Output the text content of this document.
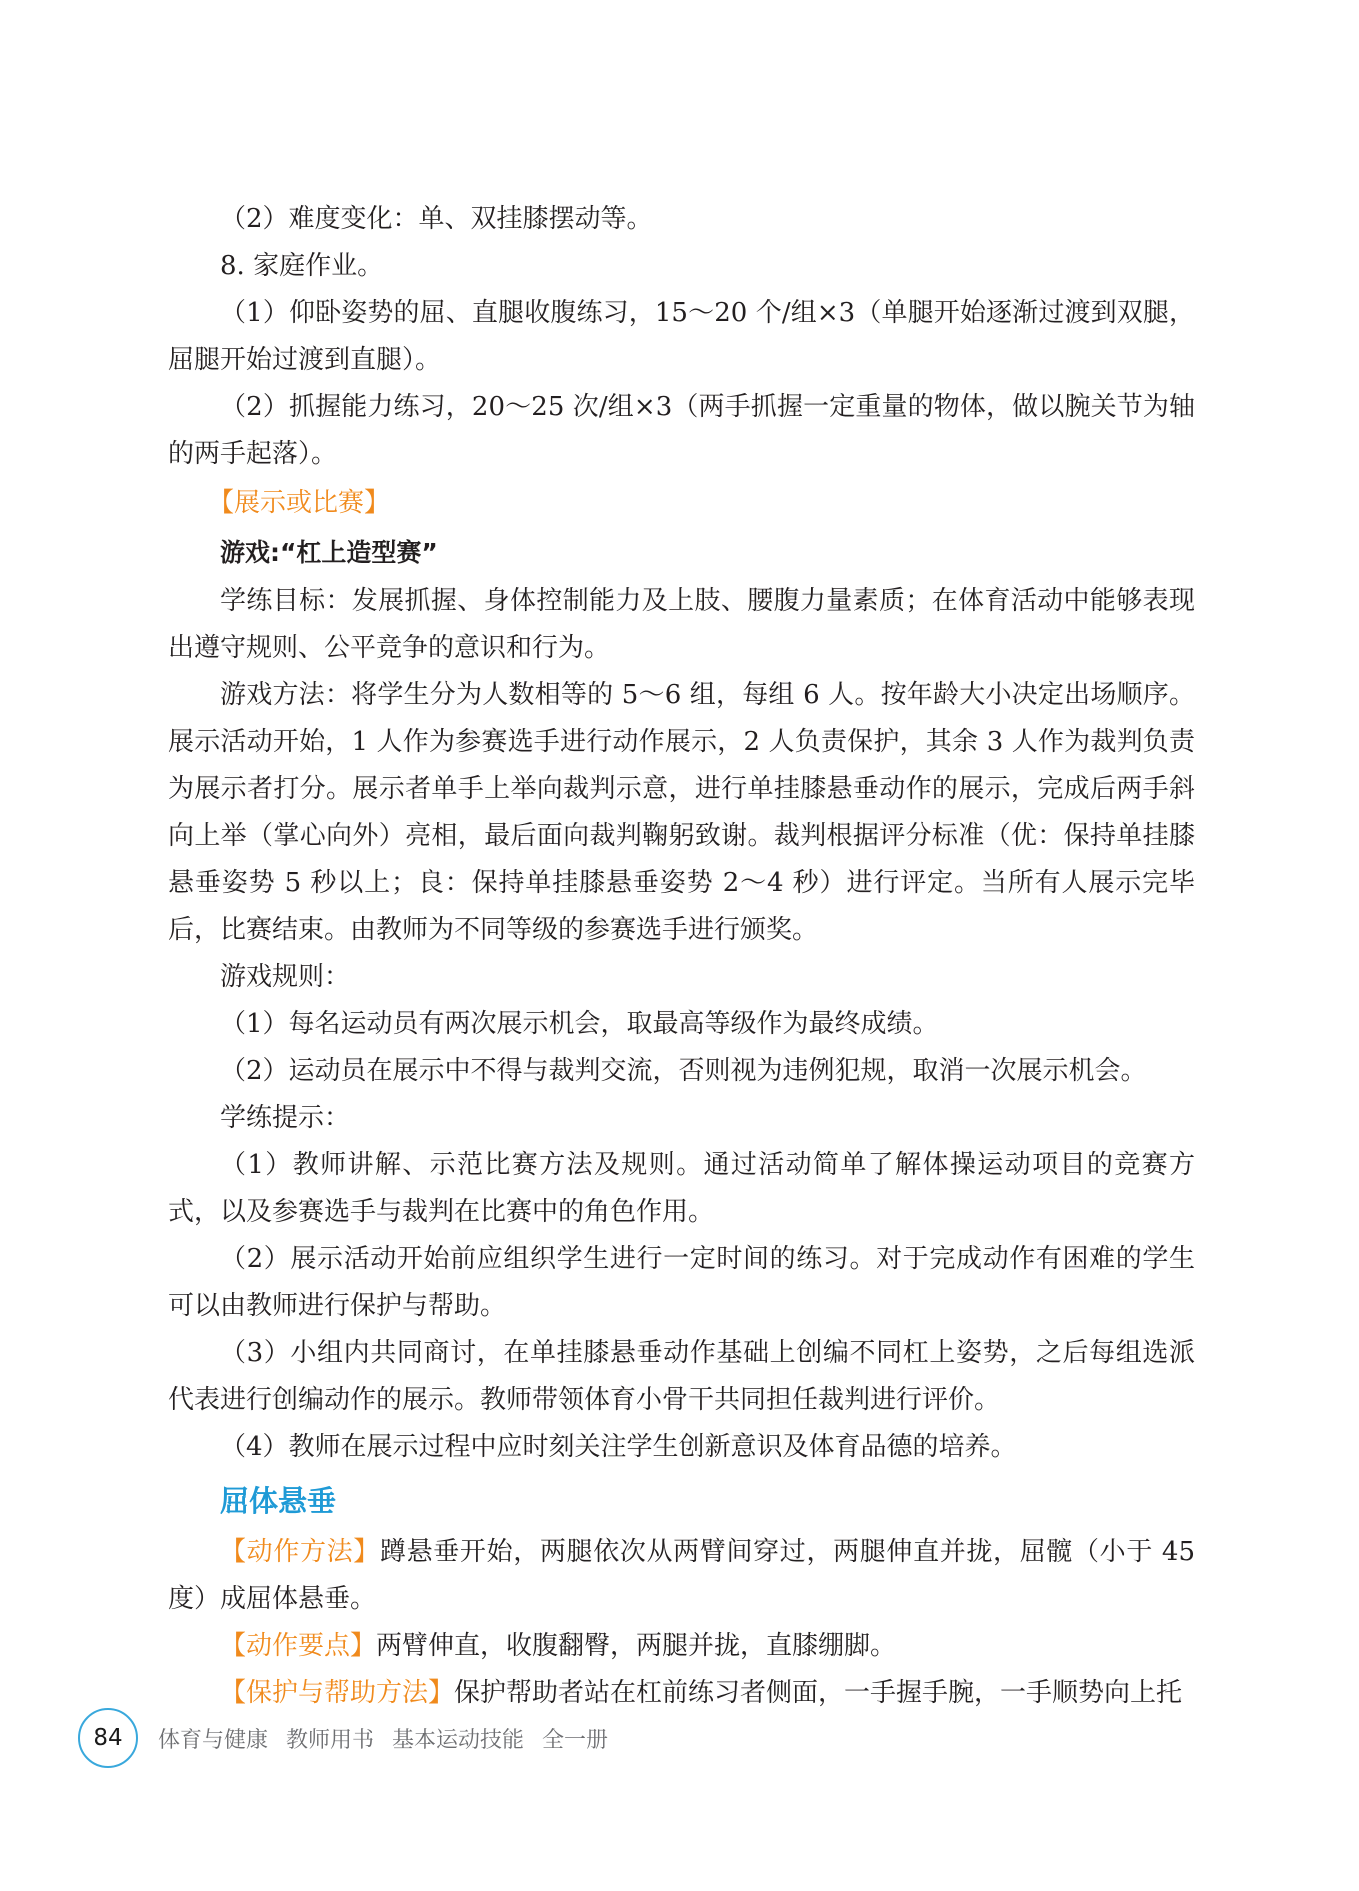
（2）难度变化：单、双挂膝摆动等。

8. 家庭作业。

（1）仰卧姿势的屈、直腿收腹练习，15～20 个/组×3（单腿开始逐渐过渡到双腿，屈腿开始过渡到直腿）。

（2）抓握能力练习，20～25 次/组×3（两手抓握一定重量的物体，做以腕关节为轴的两手起落）。

【展示或比赛】
游戏:“杠上造型赛”

学练目标：发展抓握、身体控制能力及上肢、腰腹力量素质；在体育活动中能够表现出遵守规则、公平竞争的意识和行为。

游戏方法：将学生分为人数相等的 5～6 组，每组 6 人。按年龄大小决定出场顺序。展示活动开始，1 人作为参赛选手进行动作展示，2 人负责保护，其余 3 人作为裁判负责为展示者打分。展示者单手上举向裁判示意，进行单挂膝悬垂动作的展示，完成后两手斜向上举（掌心向外）亮相，最后面向裁判鞠躬致谢。裁判根据评分标准（优：保持单挂膝悬垂姿势 5 秒以上；良：保持单挂膝悬垂姿势 2～4 秒）进行评定。当所有人展示完毕后，比赛结束。由教师为不同等级的参赛选手进行颁奖。

游戏规则：

（1）每名运动员有两次展示机会，取最高等级作为最终成绩。

（2）运动员在展示中不得与裁判交流，否则视为违例犯规，取消一次展示机会。

学练提示：

（1）教师讲解、示范比赛方法及规则。通过活动简单了解体操运动项目的竞赛方式，以及参赛选手与裁判在比赛中的角色作用。

（2）展示活动开始前应组织学生进行一定时间的练习。对于完成动作有困难的学生可以由教师进行保护与帮助。

（3）小组内共同商讨，在单挂膝悬垂动作基础上创编不同杠上姿势，之后每组选派代表进行创编动作的展示。教师带领体育小骨干共同担任裁判进行评价。

（4）教师在展示过程中应时刻关注学生创新意识及体育品德的培养。

屈体悬垂

【动作方法】蹲悬垂开始，两腿依次从两臂间穿过，两腿伸直并拢，屈髋（小于 45 度）成屈体悬垂。

【动作要点】两臂伸直，收腹翻臀，两腿并拢，直膝绷脚。

【保护与帮助方法】保护帮助者站在杠前练习者侧面，一手握手腕，一手顺势向上托

84	体育与健康 教师用书 基本运动技能 全一册
